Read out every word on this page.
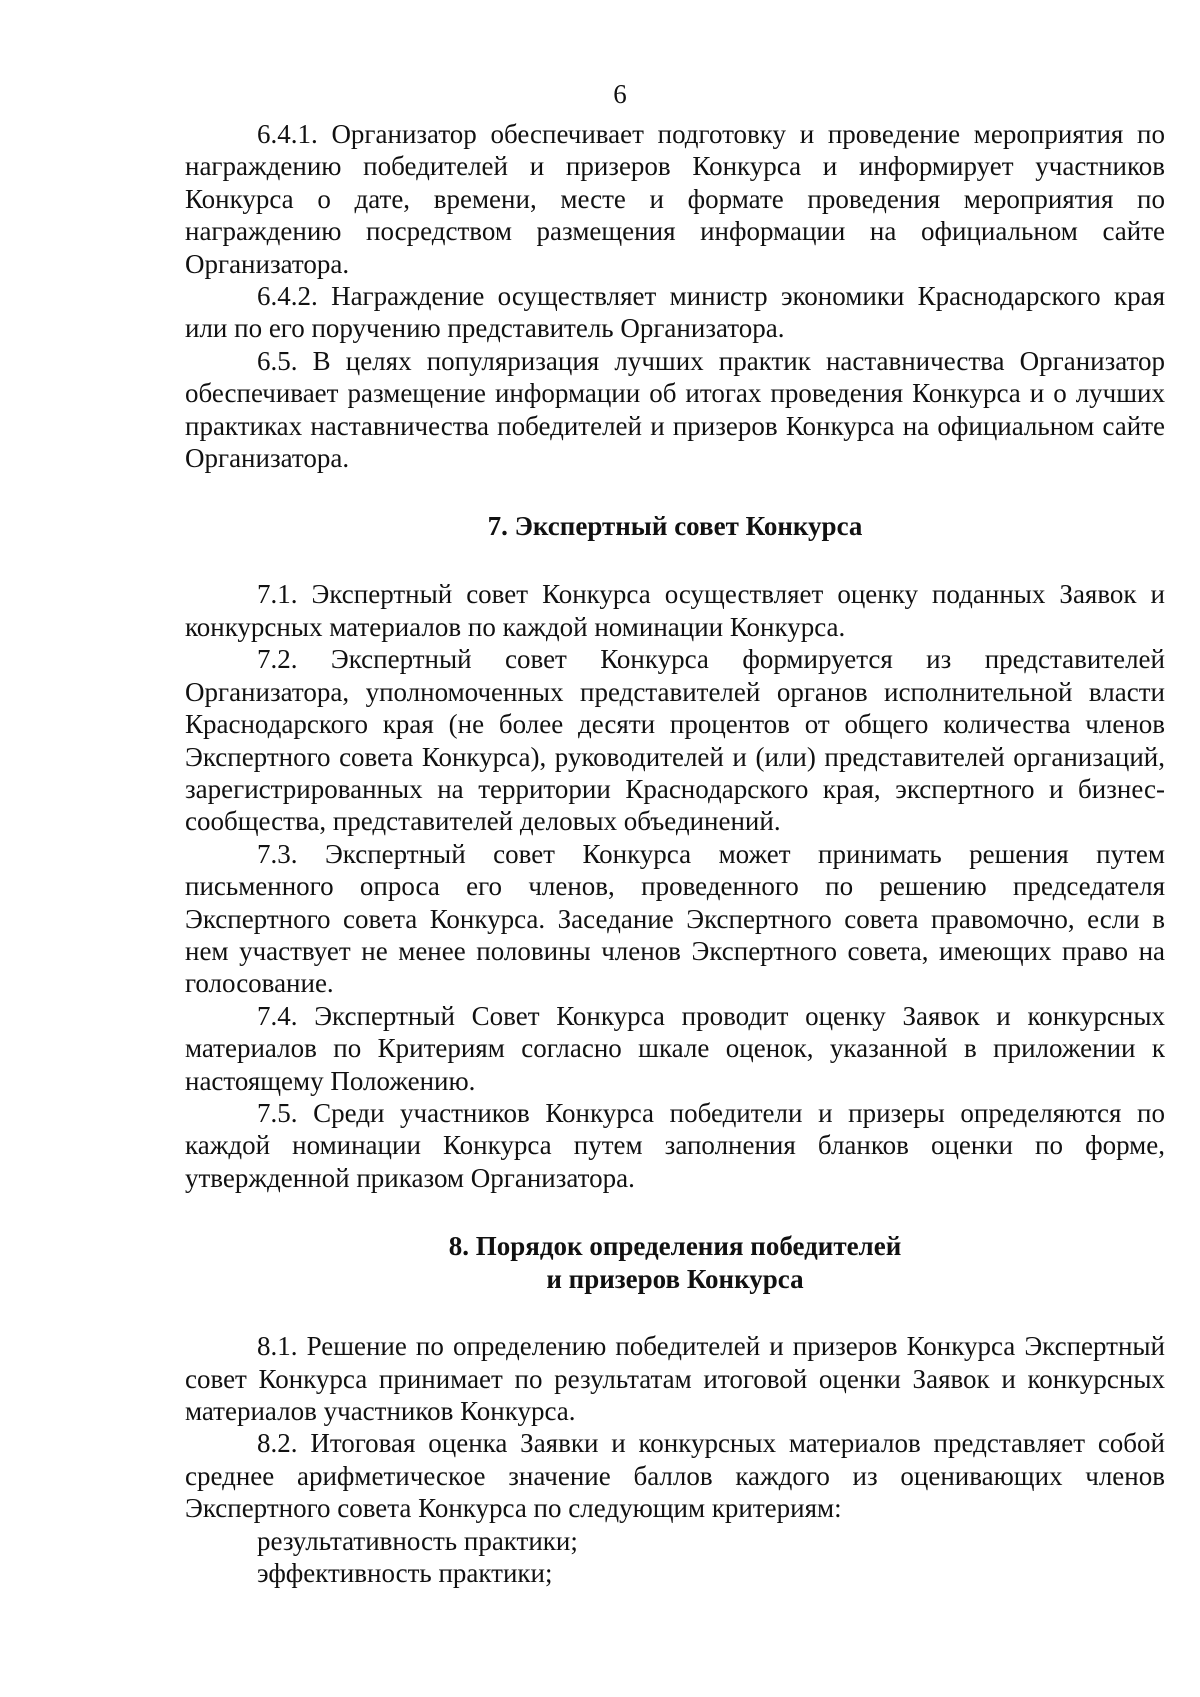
6

6.4.1. Организатор обеспечивает подготовку и проведение мероприятия по награждению победителей и призеров Конкурса и информирует участников Конкурса о дате, времени, месте и формате проведения мероприятия по награждению посредством размещения информации на официальном сайте Организатора.

6.4.2. Награждение осуществляет министр экономики Краснодарского края или по его поручению представитель Организатора.

6.5. В целях популяризация лучших практик наставничества Организатор обеспечивает размещение информации об итогах проведения Конкурса и о лучших практиках наставничества победителей и призеров Конкурса на официальном сайте Организатора.

7. Экспертный совет Конкурса

7.1. Экспертный совет Конкурса осуществляет оценку поданных Заявок и конкурсных материалов по каждой номинации Конкурса.

7.2. Экспертный совет Конкурса формируется из представителей Организатора, уполномоченных представителей органов исполнительной власти Краснодарского края (не более десяти процентов от общего количества членов Экспертного совета Конкурса), руководителей и (или) представителей организаций, зарегистрированных на территории Краснодарского края, экспертного и бизнес-сообщества, представителей деловых объединений.

7.3. Экспертный совет Конкурса может принимать решения путем письменного опроса его членов, проведенного по решению председателя Экспертного совета Конкурса. Заседание Экспертного совета правомочно, если в нем участвует не менее половины членов Экспертного совета, имеющих право на голосование.

7.4. Экспертный Совет Конкурса проводит оценку Заявок и конкурсных материалов по Критериям согласно шкале оценок, указанной в приложении к настоящему Положению.

7.5. Среди участников Конкурса победители и призеры определяются по каждой номинации Конкурса путем заполнения бланков оценки по форме, утвержденной приказом Организатора.

8. Порядок определения победителей
и призеров Конкурса

8.1. Решение по определению победителей и призеров Конкурса Экспертный совет Конкурса принимает по результатам итоговой оценки Заявок и конкурсных материалов участников Конкурса.

8.2. Итоговая оценка Заявки и конкурсных материалов представляет собой среднее арифметическое значение баллов каждого из оценивающих членов Экспертного совета Конкурса по следующим критериям:

результативность практики;

эффективность практики;
